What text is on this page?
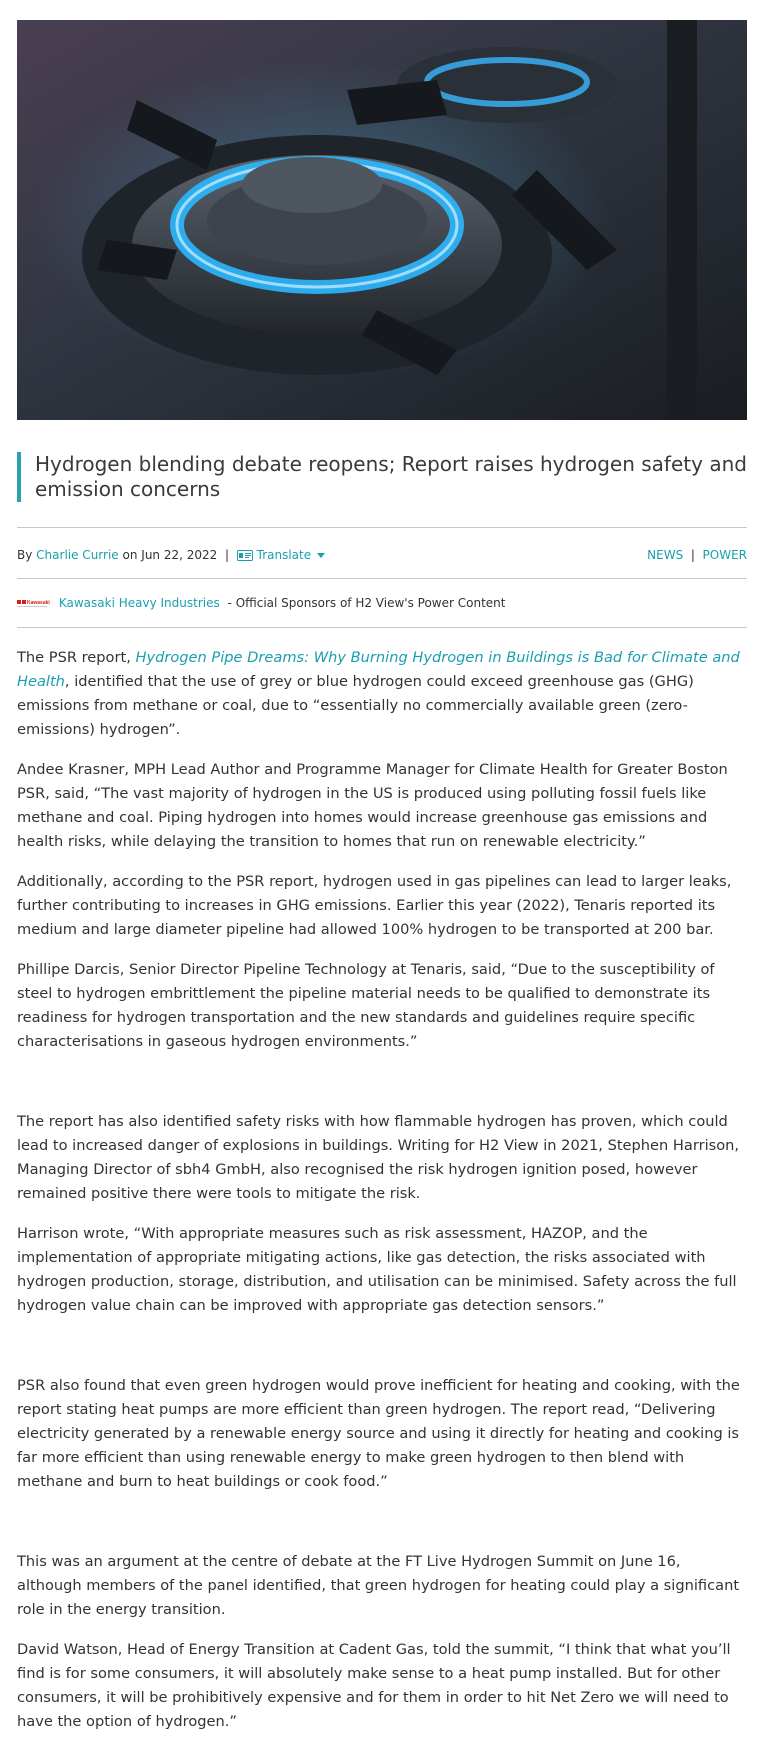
Hydrogen blending debate reopens; Report raises hydrogen safety and emission concerns
By Charlie Currie on Jun 22, 2022 | Translate	NEWS | POWER
Kawasaki Kawasaki Heavy Industries - Official Sponsors of H2 View's Power Content

The PSR report, Hydrogen Pipe Dreams: Why Burning Hydrogen in Buildings is Bad for Climate and Health, identified that the use of grey or blue hydrogen could exceed greenhouse gas (GHG) emissions from methane or coal, due to “essentially no commercially available green (zero-emissions) hydrogen”.

Andee Krasner, MPH Lead Author and Programme Manager for Climate Health for Greater Boston PSR, said, “The vast majority of hydrogen in the US is produced using polluting fossil fuels like methane and coal. Piping hydrogen into homes would increase greenhouse gas emissions and health risks, while delaying the transition to homes that run on renewable electricity.”

Additionally, according to the PSR report, hydrogen used in gas pipelines can lead to larger leaks, further contributing to increases in GHG emissions. Earlier this year (2022), Tenaris reported its medium and large diameter pipeline had allowed 100% hydrogen to be transported at 200 bar.

Phillipe Darcis, Senior Director Pipeline Technology at Tenaris, said, “Due to the susceptibility of steel to hydrogen embrittlement the pipeline material needs to be qualified to demonstrate its readiness for hydrogen transportation and the new standards and guidelines require specific characterisations in gaseous hydrogen environments.”

The report has also identified safety risks with how flammable hydrogen has proven, which could lead to increased danger of explosions in buildings. Writing for H2 View in 2021, Stephen Harrison, Managing Director of sbh4 GmbH, also recognised the risk hydrogen ignition posed, however remained positive there were tools to mitigate the risk.

Harrison wrote, “With appropriate measures such as risk assessment, HAZOP, and the implementation of appropriate mitigating actions, like gas detection, the risks associated with hydrogen production, storage, distribution, and utilisation can be minimised. Safety across the full hydrogen value chain can be improved with appropriate gas detection sensors.”

PSR also found that even green hydrogen would prove inefficient for heating and cooking, with the report stating heat pumps are more efficient than green hydrogen. The report read, “Delivering electricity generated by a renewable energy source and using it directly for heating and cooking is far more efficient than using renewable energy to make green hydrogen to then blend with methane and burn to heat buildings or cook food.”

This was an argument at the centre of debate at the FT Live Hydrogen Summit on June 16, although members of the panel identified, that green hydrogen for heating could play a significant role in the energy transition.

David Watson, Head of Energy Transition at Cadent Gas, told the summit, “I think that what you’ll find is for some consumers, it will absolutely make sense to a heat pump installed. But for other consumers, it will be prohibitively expensive and for them in order to hit Net Zero we will need to have the option of hydrogen.”
